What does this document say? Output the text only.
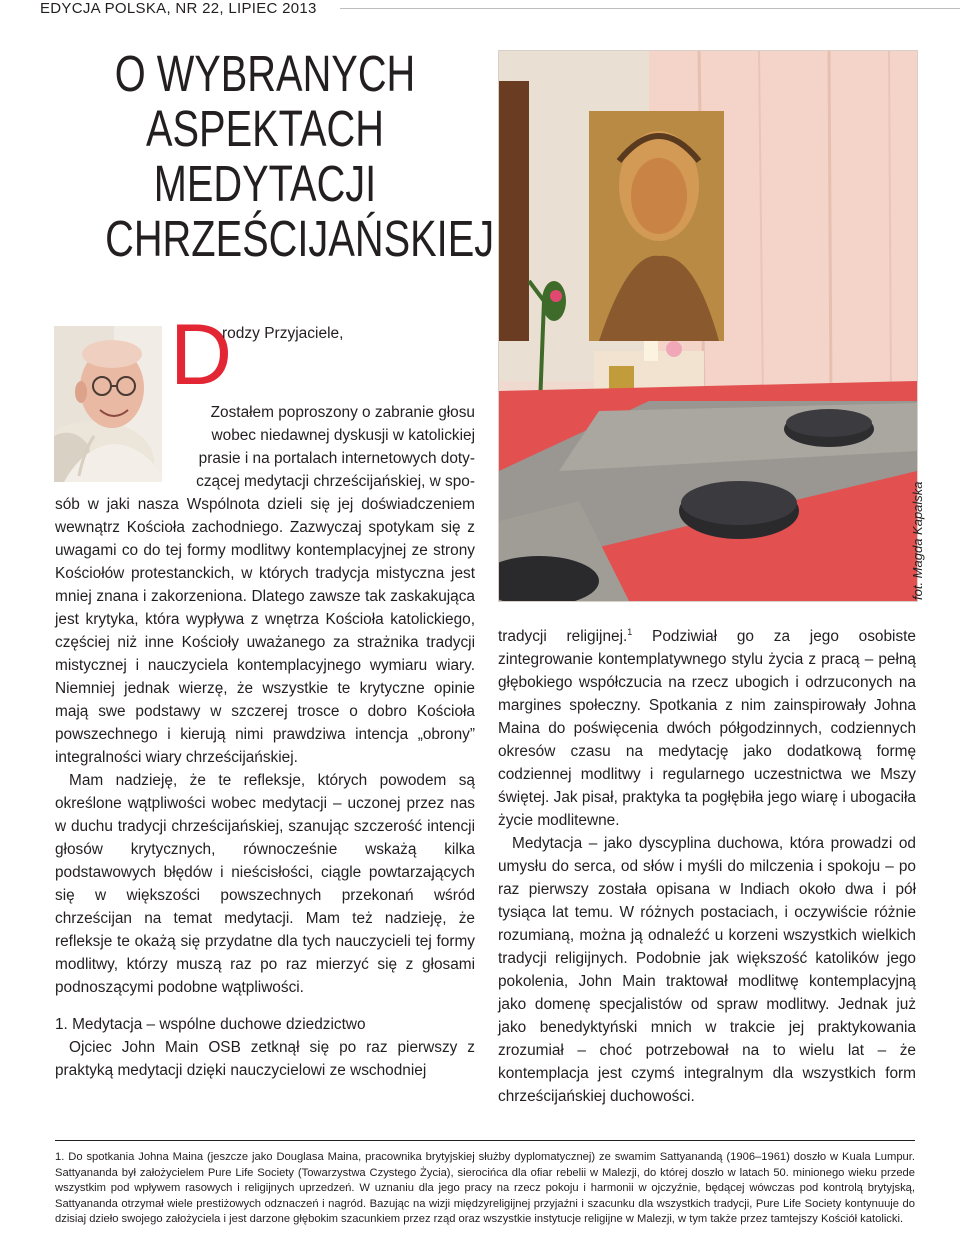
EDYCJA POLSKA, NR 22, LIPIEC 2013
O WYBRANYCH
ASPEKTACH
MEDYTACJI
CHRZEŚCIJAŃSKIEJ
D
rodzy Przyjaciele,
Zostałem poproszony o zabranie głosu
wobec niedawnej dyskusji w katolickiej
prasie i na portalach internetowych doty-
czącej medytacji chrześcijańskiej, w spo-

sób w jaki nasza Wspólnota dzieli się jej doświadczeniem wewnątrz Kościoła zachodniego. Zazwyczaj spotykam się z uwagami co do tej formy modlitwy kontemplacyjnej ze strony Kościołów protestanckich, w których tradycja mistyczna jest mniej znana i zakorzeniona. Dlatego zawsze tak zaskakująca jest krytyka, która wypływa z wnętrza Kościoła katolickiego, częściej niż inne Kościoły uważanego za strażnika tradycji mistycznej i nauczyciela kontemplacyjnego wymiaru wiary. Niemniej jednak wierzę, że wszystkie te krytyczne opinie mają swe podstawy w szczerej trosce o dobro Kościoła powszechnego i kierują nimi prawdziwa intencja „obrony” integralności wiary chrześcijańskiej.

Mam nadzieję, że te refleksje, których powodem są określone wątpliwości wobec medytacji – uczonej przez nas w duchu tradycji chrześcijańskiej, szanując szczerość intencji głosów krytycznych, równocześnie wskażą kilka podstawowych błędów i nieścisłości, ciągle powtarzających się w większości powszechnych przekonań wśród chrześcijan na temat medytacji. Mam też nadzieję, że refleksje te okażą się przydatne dla tych nauczycieli tej formy modlitwy, którzy muszą raz po raz mierzyć się z głosami podnoszącymi podobne wątpliwości.

1. Medytacja – wspólne duchowe dziedzictwo

Ojciec John Main OSB zetknął się po raz pierwszy z praktyką medytacji dzięki nauczycielowi ze wschodniej

fot. Magda Kapalska

tradycji religijnej.$^1$ Podziwiał go za jego osobiste zintegrowanie kontemplatywnego stylu życia z pracą – pełną głębokiego współczucia na rzecz ubogich i odrzuconych na margines społeczny. Spotkania z nim zainspirowały Johna Maina do poświęcenia dwóch półgodzinnych, codziennych okresów czasu na medytację jako dodatkową formę codziennej modlitwy i regularnego uczestnictwa we Mszy świętej. Jak pisał, praktyka ta pogłębiła jego wiarę i ubogaciła życie modlitewne.

Medytacja – jako dyscyplina duchowa, która prowadzi od umysłu do serca, od słów i myśli do milczenia i spokoju – po raz pierwszy została opisana w Indiach około dwa i pół tysiąca lat temu. W różnych postaciach, i oczywiście różnie rozumianą, można ją odnaleźć u korzeni wszystkich wielkich tradycji religijnych. Podobnie jak większość katolików jego pokolenia, John Main traktował modlitwę kontemplacyjną jako domenę specjalistów od spraw modlitwy. Jednak już jako benedyktyński mnich w trakcie jej praktykowania zrozumiał – choć potrzebował na to wielu lat – że kontemplacja jest czymś integralnym dla wszystkich form chrześcijańskiej duchowości.

1. Do spotkania Johna Maina (jeszcze jako Douglasa Maina, pracownika brytyjskiej służby dyplomatycznej) ze swamim Sattyanandą (1906–1961) doszło w Kuala Lumpur. Sattyananda był założycielem Pure Life Society (Towarzystwa Czystego Życia), sierocińca dla ofiar rebelii w Malezji, do której doszło w latach 50. minionego wieku przede wszystkim pod wpływem rasowych i religijnych uprzedzeń. W uznaniu dla jego pracy na rzecz pokoju i harmonii w ojczyźnie, będącej wówczas pod kontrolą brytyjską, Sattyananda otrzymał wiele prestiżowych odznaczeń i nagród. Bazując na wizji międzyreligijnej przyjaźni i szacunku dla wszystkich tradycji, Pure Life Society kontynuuje do dzisiaj dzieło swojego założyciela i jest darzone głębokim szacunkiem przez rząd oraz wszystkie instytucje religijne w Malezji, w tym także przez tamtejszy Kościół katolicki.
